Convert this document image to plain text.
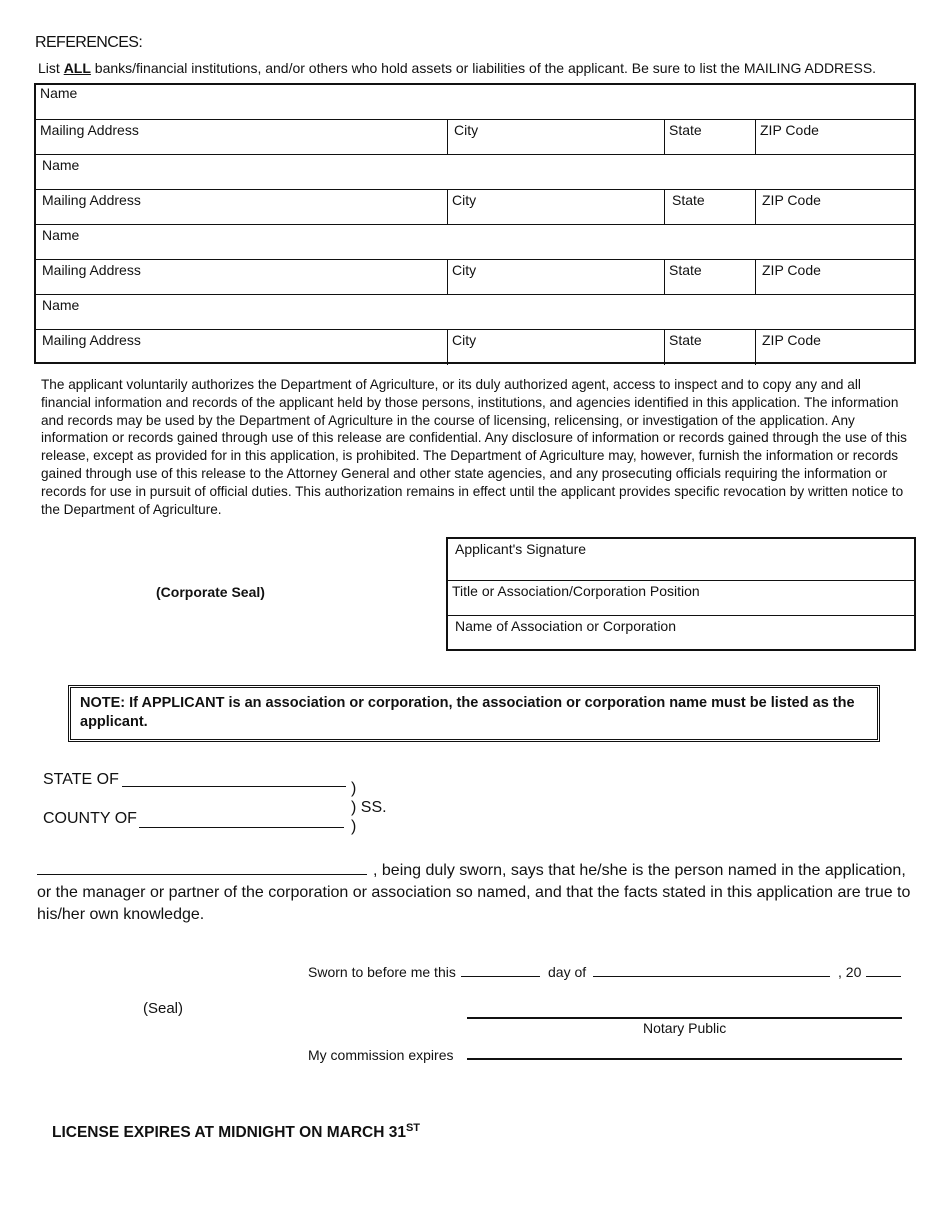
REFERENCES:
List ALL banks/financial institutions, and/or others who hold assets or liabilities of the applicant. Be sure to list the MAILING ADDRESS.
Name
Mailing Address	City	State	ZIP Code
Name
Mailing Address	City	State	ZIP Code
Name
Mailing Address	City	State	ZIP Code
Name
Mailing Address	City	State	ZIP Code
The applicant voluntarily authorizes the Department of Agriculture, or its duly authorized agent, access to inspect and to copy any and all financial information and records of the applicant held by those persons, institutions, and agencies identified in this application. The information and records may be used by the Department of Agriculture in the course of licensing, relicensing, or investigation of the application. Any information or records gained through use of this release are confidential. Any disclosure of information or records gained through the use of this release, except as provided for in this application, is prohibited. The Department of Agriculture may, however, furnish the information or records gained through use of this release to the Attorney General and other state agencies, and any prosecuting officials requiring the information or records for use in pursuit of official duties. This authorization remains in effect until the applicant provides specific revocation by written notice to the Department of Agriculture.
(Corporate Seal)
Applicant's Signature
Title or Association/Corporation Position
Name of Association or Corporation
NOTE: If APPLICANT is an association or corporation, the association or corporation name must be listed as the applicant.
STATE OF
)
) SS.
COUNTY OF	)
, being duly sworn, says that he/she is the person named in the application, or the manager or partner of the corporation or association so named, and that the facts stated in this application are true to his/her own knowledge.
Sworn to before me this	day of	, 20
(Seal)
Notary Public
My commission expires
LICENSE EXPIRES AT MIDNIGHT ON MARCH 31ST
